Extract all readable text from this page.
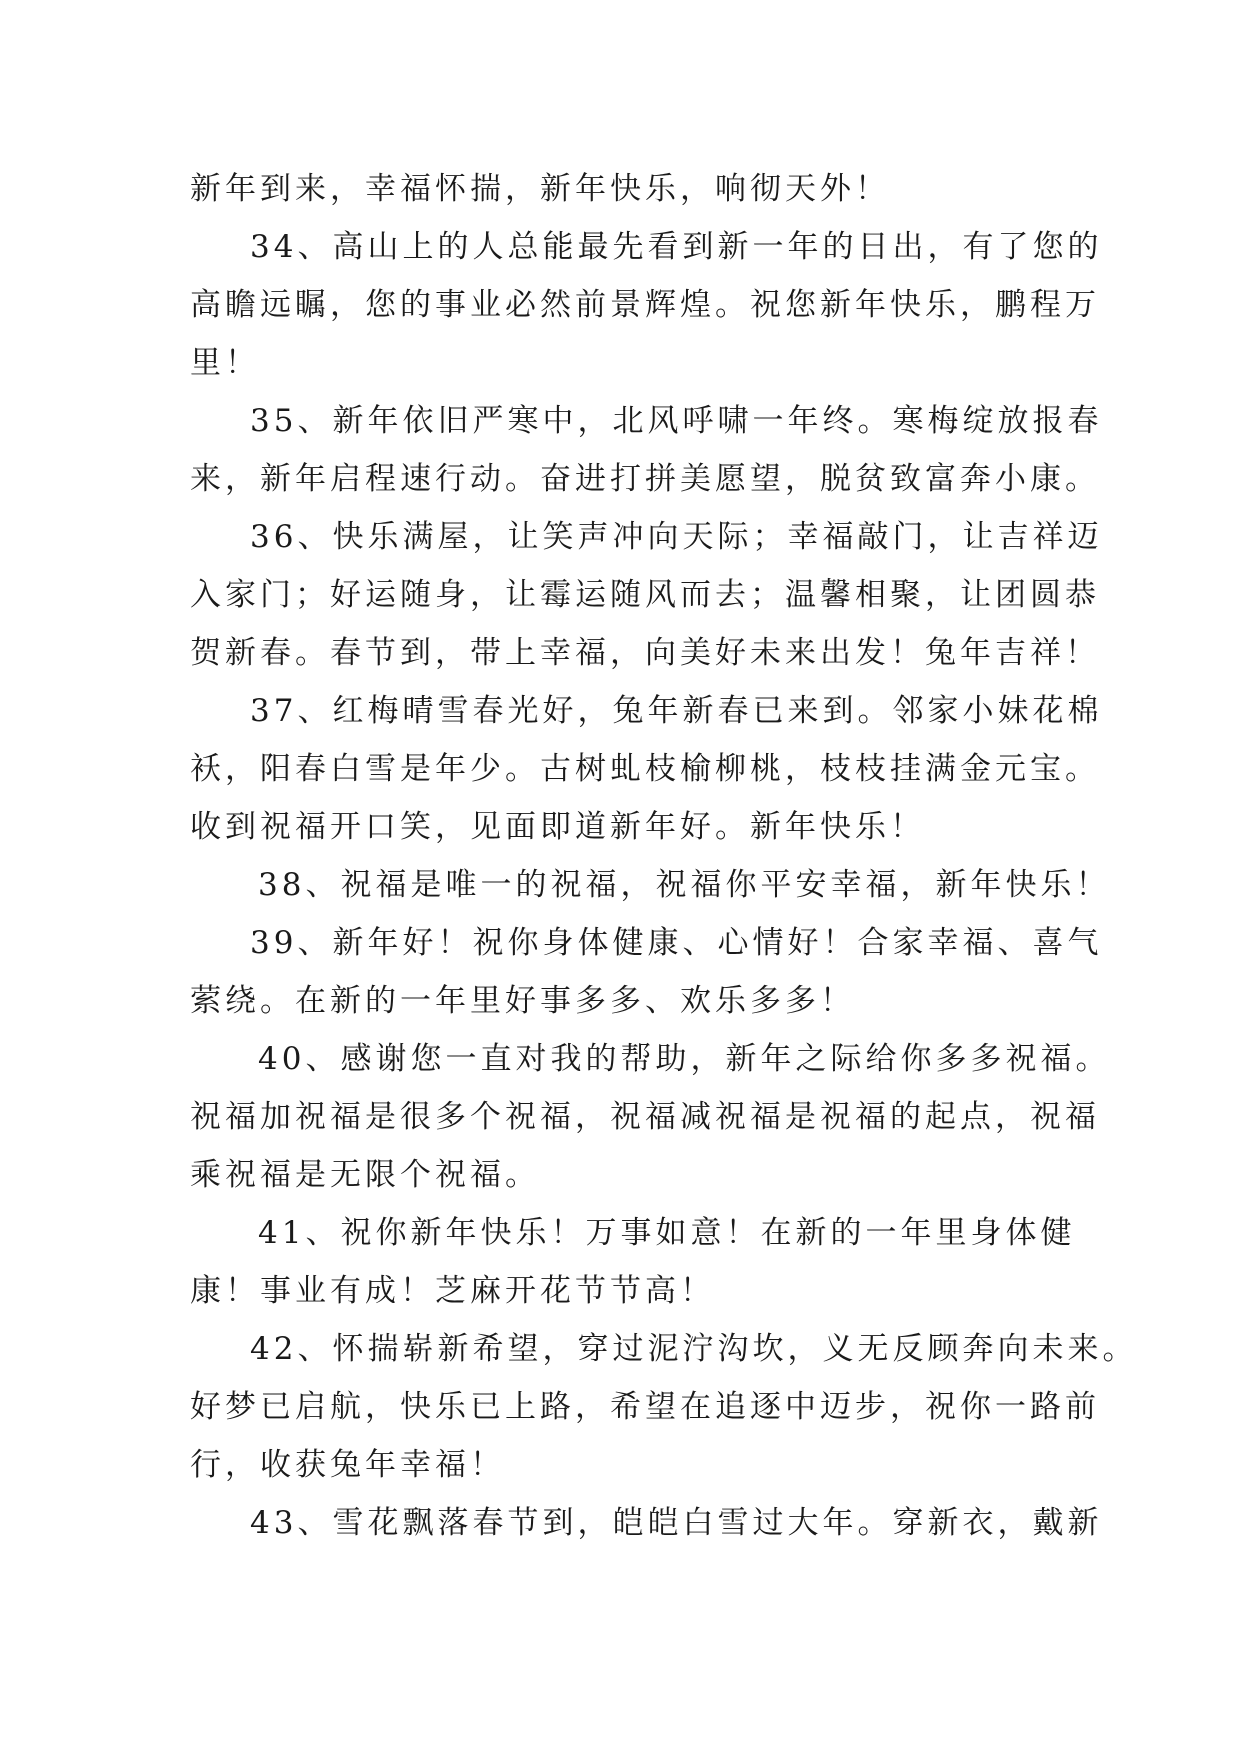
新年到来，幸福怀揣，新年快乐，响彻天外！
34、高山上的人总能最先看到新一年的日出，有了您的
高瞻远瞩，您的事业必然前景辉煌。祝您新年快乐，鹏程万
里！
35、新年依旧严寒中，北风呼啸一年终。寒梅绽放报春
来，新年启程速行动。奋进打拼美愿望，脱贫致富奔小康。
36、快乐满屋，让笑声冲向天际；幸福敲门，让吉祥迈
入家门；好运随身，让霉运随风而去；温馨相聚，让团圆恭
贺新春。春节到，带上幸福，向美好未来出发！兔年吉祥！
37、红梅晴雪春光好，兔年新春已来到。邻家小妹花棉
袄，阳春白雪是年少。古树虬枝榆柳桃，枝枝挂满金元宝。
收到祝福开口笑，见面即道新年好。新年快乐！
38、祝福是唯一的祝福，祝福你平安幸福，新年快乐！
39、新年好！祝你身体健康、心情好！合家幸福、喜气
萦绕。在新的一年里好事多多、欢乐多多！
40、感谢您一直对我的帮助，新年之际给你多多祝福。
祝福加祝福是很多个祝福，祝福减祝福是祝福的起点，祝福
乘祝福是无限个祝福。
41、祝你新年快乐！万事如意！在新的一年里身体健
康！事业有成！芝麻开花节节高！
42、怀揣崭新希望，穿过泥泞沟坎，义无反顾奔向未来。
好梦已启航，快乐已上路，希望在追逐中迈步，祝你一路前
行，收获兔年幸福！
43、雪花飘落春节到，皑皑白雪过大年。穿新衣，戴新
